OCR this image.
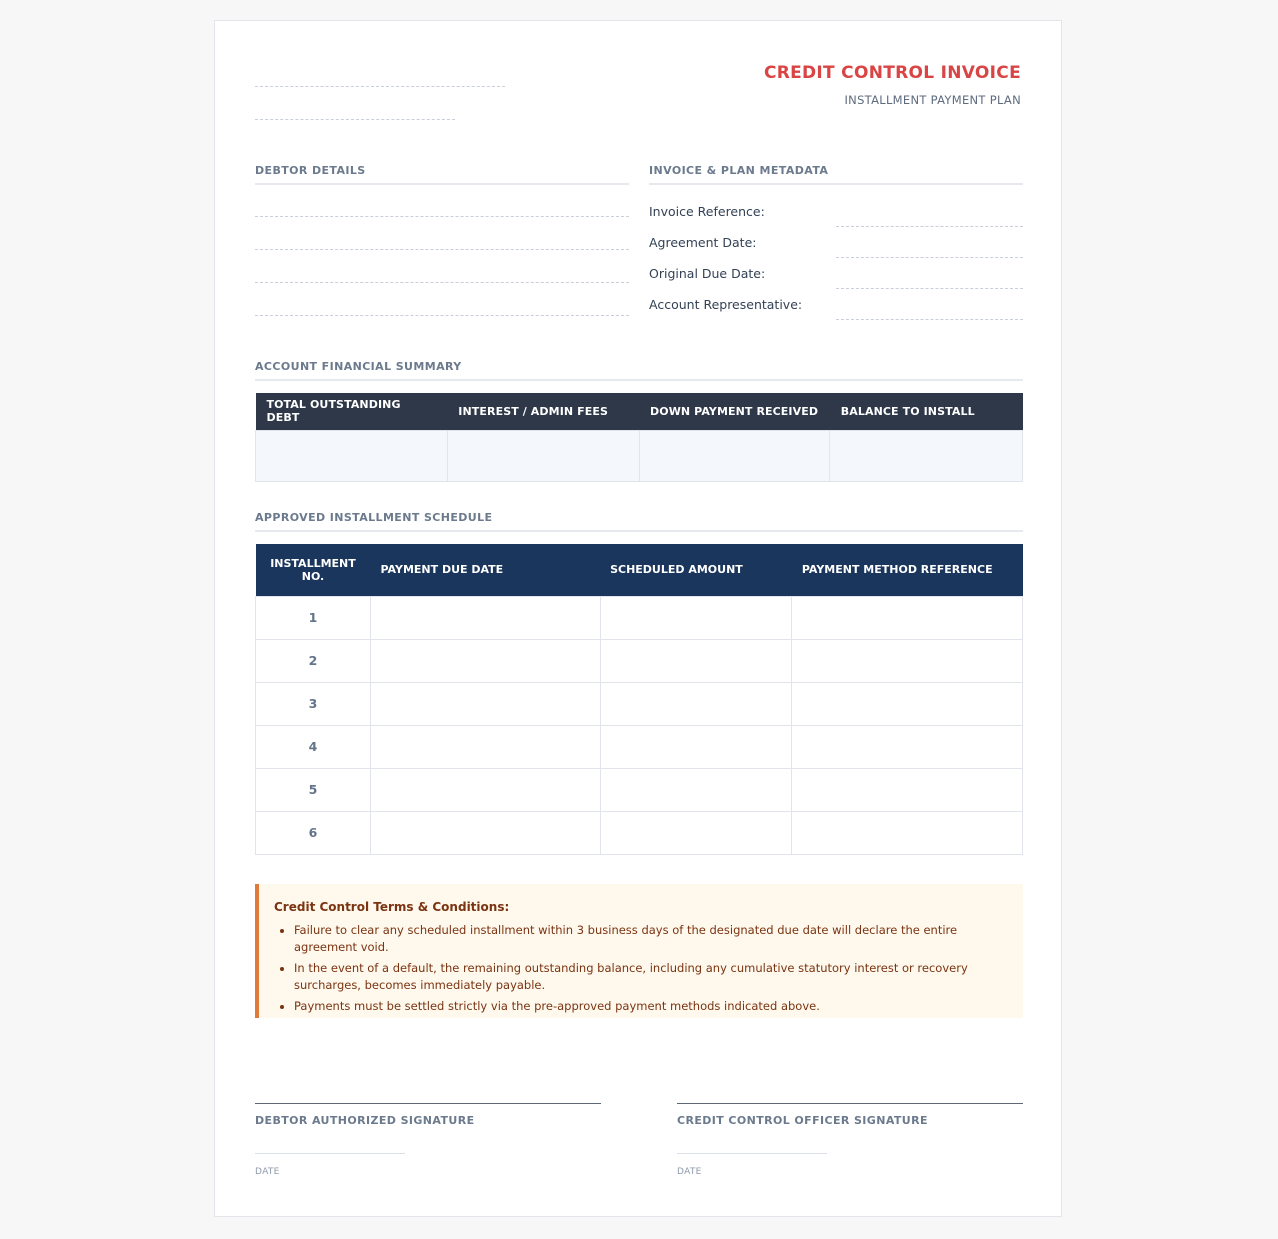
CREDIT CONTROL INVOICE
INSTALLMENT PAYMENT PLAN
DEBTOR DETAILS	INVOICE & PLAN METADATA
Invoice Reference:
Agreement Date:
Original Due Date:
Account Representative:
ACCOUNT FINANCIAL SUMMARY
TOTAL OUTSTANDING DEBT	INTEREST / ADMIN FEES	DOWN PAYMENT RECEIVED	BALANCE TO INSTALL

APPROVED INSTALLMENT SCHEDULE
INSTALLMENT NO.	PAYMENT DUE DATE	SCHEDULED AMOUNT	PAYMENT METHOD REFERENCE
1			
2			
3			
4			
5			
6			
Credit Control Terms & Conditions:
• Failure to clear any scheduled installment within 3 business days of the designated due date will declare the entire agreement void.
• In the event of a default, the remaining outstanding balance, including any cumulative statutory interest or recovery surcharges, becomes immediately payable.
• Payments must be settled strictly via the pre-approved payment methods indicated above.
DEBTOR AUTHORIZED SIGNATURE
DATE
CREDIT CONTROL OFFICER SIGNATURE
DATE
